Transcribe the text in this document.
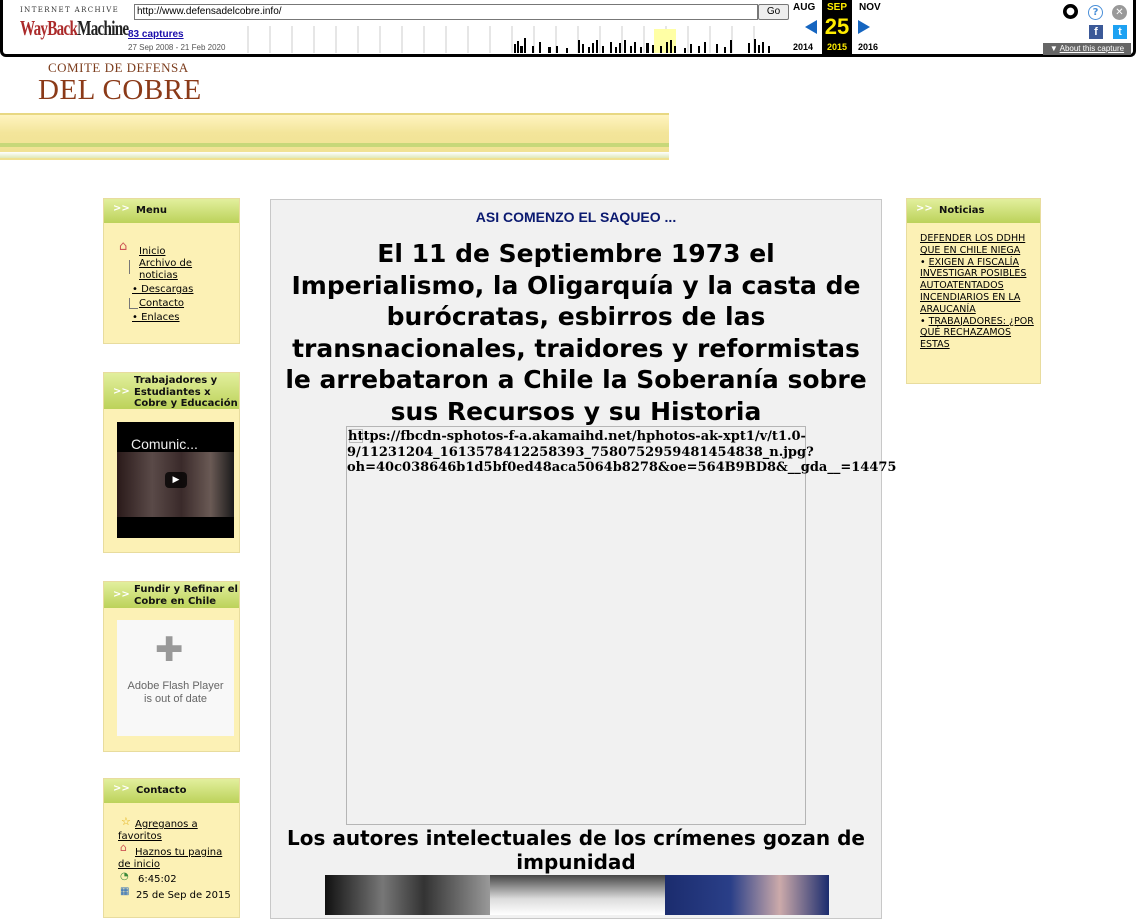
INTERNET ARCHIVE
WayBackMachine
http://www.defensadelcobre.info/	Go
83 captures
27 Sep 2008 - 21 Feb 2020
AUG	SEP
25
2015
NOV
2014	2016
●	?	✕
f	t
▼ About this capture
COMITE DE DEFENSA
DEL COBRE
>> Menu
⌂ Inicio
Archivo de noticias
• Descargas
Contacto
• Enlaces
>>
Trabajadores y Estudiantes x Cobre y Educación
Comunic...
▶
>> Fundir y Refinar el Cobre en Chile
✚
Adobe Flash Player is out of date
>> Contacto
☆ Agreganos a favoritos
⌂ Haznos tu pagina de inicio
◔ 6:45:02
▦ 25 de Sep de 2015
>> Noticias
DEFENDER LOS DDHH QUE EN CHILE NIEGA
• EXIGEN A FISCALÍA INVESTIGAR POSIBLES AUTOATENTADOS INCENDIARIOS EN LA ARAUCANÍA
• TRABAJADORES: ¿POR QUÉ RECHAZAMOS ESTAS
ASI COMENZO EL SAQUEO ...
El 11 de Septiembre 1973 el Imperialismo, la Oligarquía y la casta de burócratas, esbirros de las transnacionales, traidores y reformistas le arrebataron a Chile la Soberanía sobre sus Recursos y su Historia
https://fbcdn-sphotos-f-a.akamaihd.net/hphotos-ak-xpt1/v/t1.0-
9/11231204_1613578412258393_7580752959481454838_n.jpg?
oh=40c038646b1d5bf0ed48aca5064b8278&oe=564B9BD8&__gda__=14475
Los autores intelectuales de los crímenes gozan de impunidad
